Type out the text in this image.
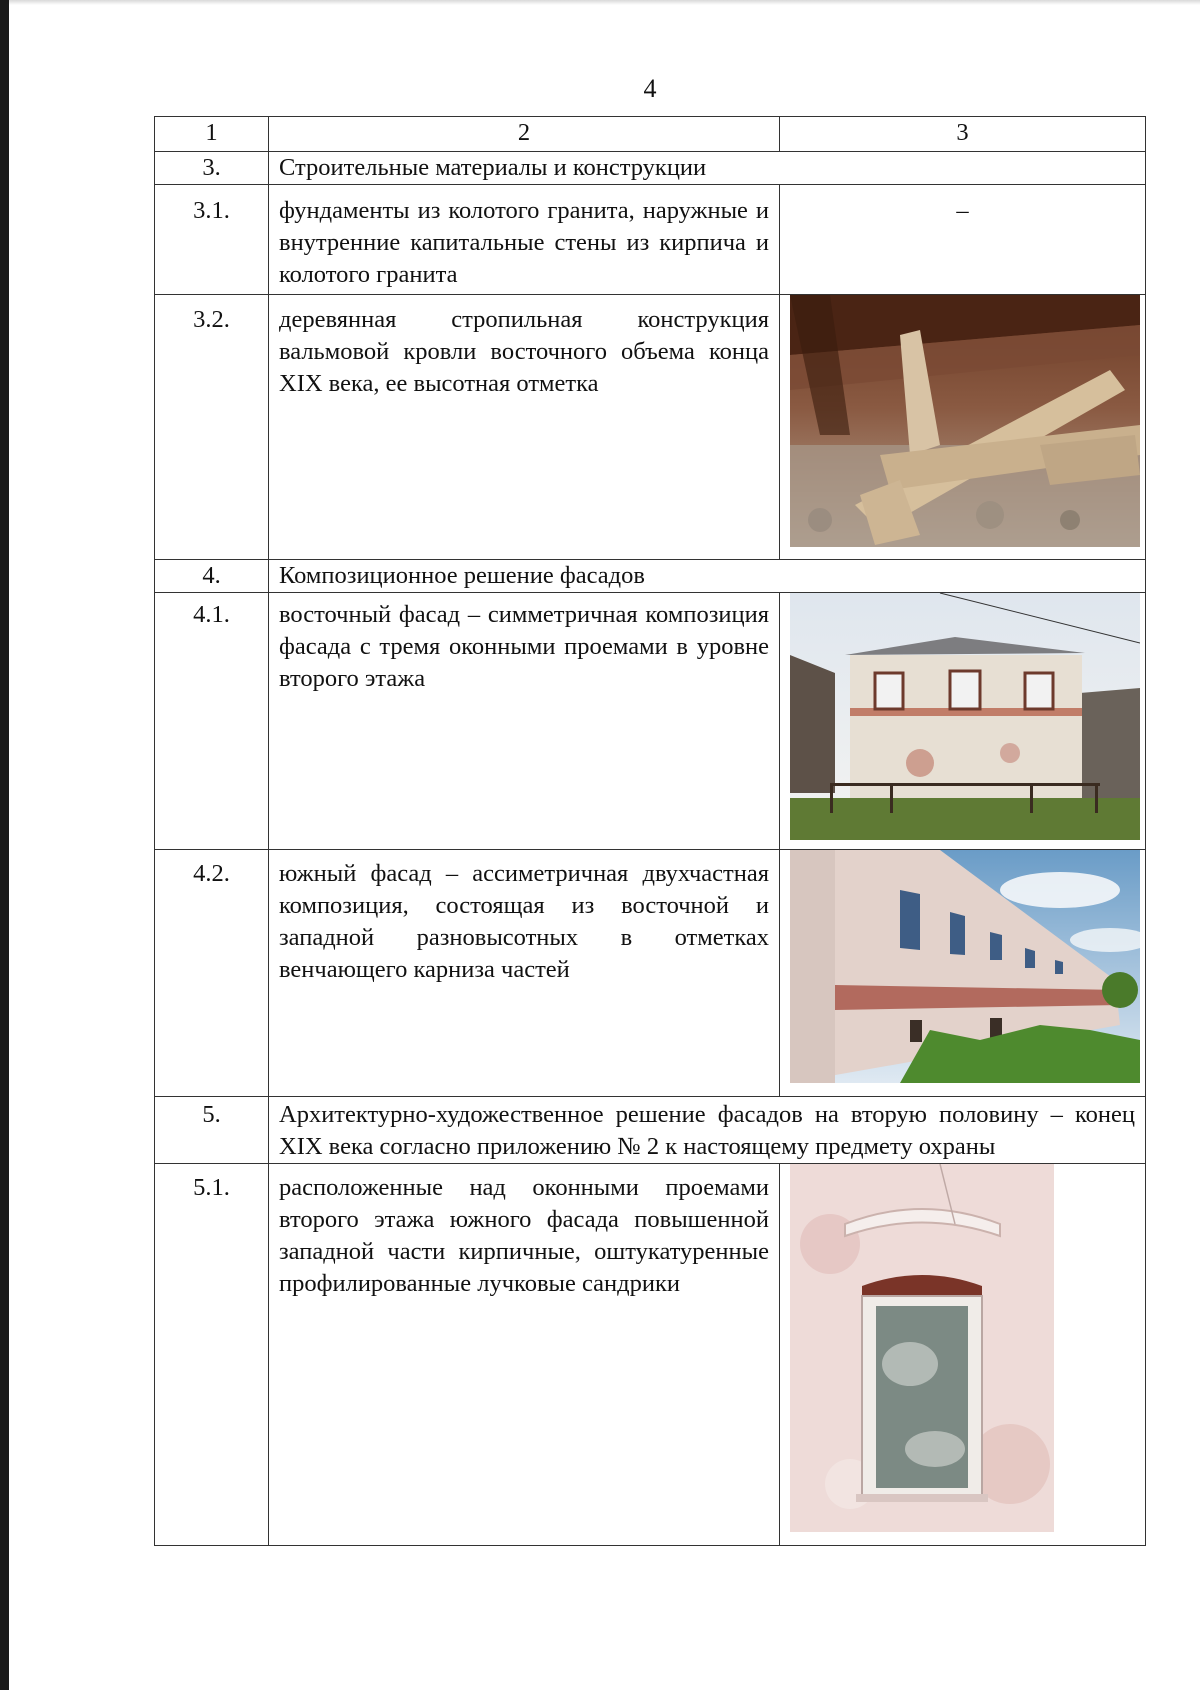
4
1	2	3
3.	Строительные материалы и конструкции	
3.1.	фундаменты из колотого гранита, наружные и внутренние капитальные стены из кирпича и колотого гранита	–
3.2.	деревянная стропильная конструкция вальмовой кровли восточного объема конца XIX века, ее высотная отметка	

4.	Композиционное решение фасадов	
4.1.	восточный фасад – симметричная композиция фасада с тремя оконными проемами в уровне второго этажа	

4.2.	южный фасад – ассиметричная двухчастная композиция, состоящая из восточной и западной разновысотных в отметках венчающего карниза частей	

5.	Архитектурно-художественное решение фасадов на вторую половину – конец XIX века согласно приложению № 2 к настоящему предмету охраны	
5.1.	расположенные над оконными проемами второго этажа южного фасада повышенной западной части кирпичные, оштукатуренные профилированные лучковые сандрики	
